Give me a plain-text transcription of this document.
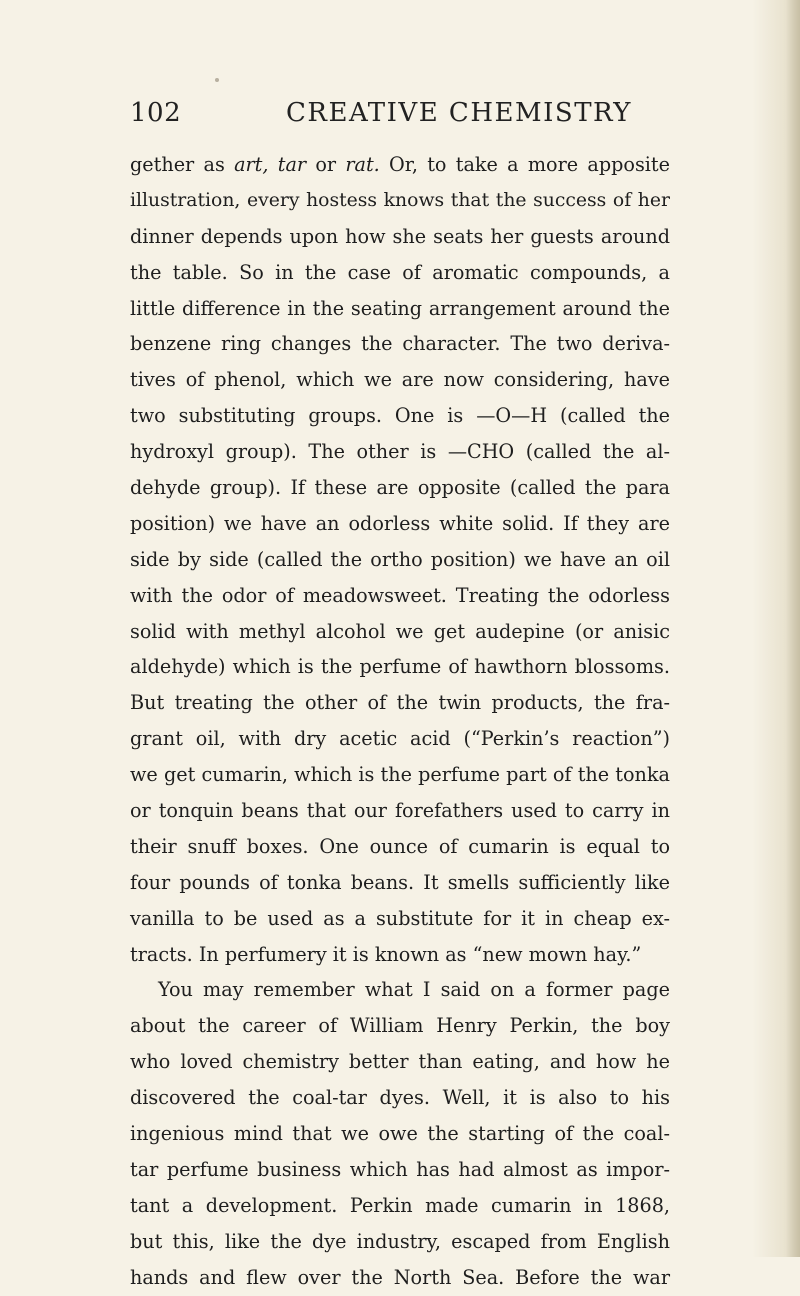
102	CREATIVE CHEMISTRY
gether as art, tar or rat. Or, to take a more apposite
illustration, every hostess knows that the success of her
dinner depends upon how she seats her guests around
the table. So in the case of aromatic compounds, a
little difference in the seating arrangement around the
benzene ring changes the character. The two deriva-
tives of phenol, which we are now considering, have
two substituting groups. One is —O—H (called the
hydroxyl group). The other is —CHO (called the al-
dehyde group). If these are opposite (called the para
position) we have an odorless white solid. If they are
side by side (called the ortho position) we have an oil
with the odor of meadowsweet. Treating the odorless
solid with methyl alcohol we get audepine (or anisic
aldehyde) which is the perfume of hawthorn blossoms.
But treating the other of the twin products, the fra-
grant oil, with dry acetic acid (“Perkin’s reaction”)
we get cumarin, which is the perfume part of the tonka
or tonquin beans that our forefathers used to carry in
their snuff boxes. One ounce of cumarin is equal to
four pounds of tonka beans. It smells sufficiently like
vanilla to be used as a substitute for it in cheap ex-
tracts. In perfumery it is known as “new mown hay.”
You may remember what I said on a former page
about the career of William Henry Perkin, the boy
who loved chemistry better than eating, and how he
discovered the coal-tar dyes. Well, it is also to his
ingenious mind that we owe the starting of the coal-
tar perfume business which has had almost as impor-
tant a development. Perkin made cumarin in 1868,
but this, like the dye industry, escaped from English
hands and flew over the North Sea. Before the war
